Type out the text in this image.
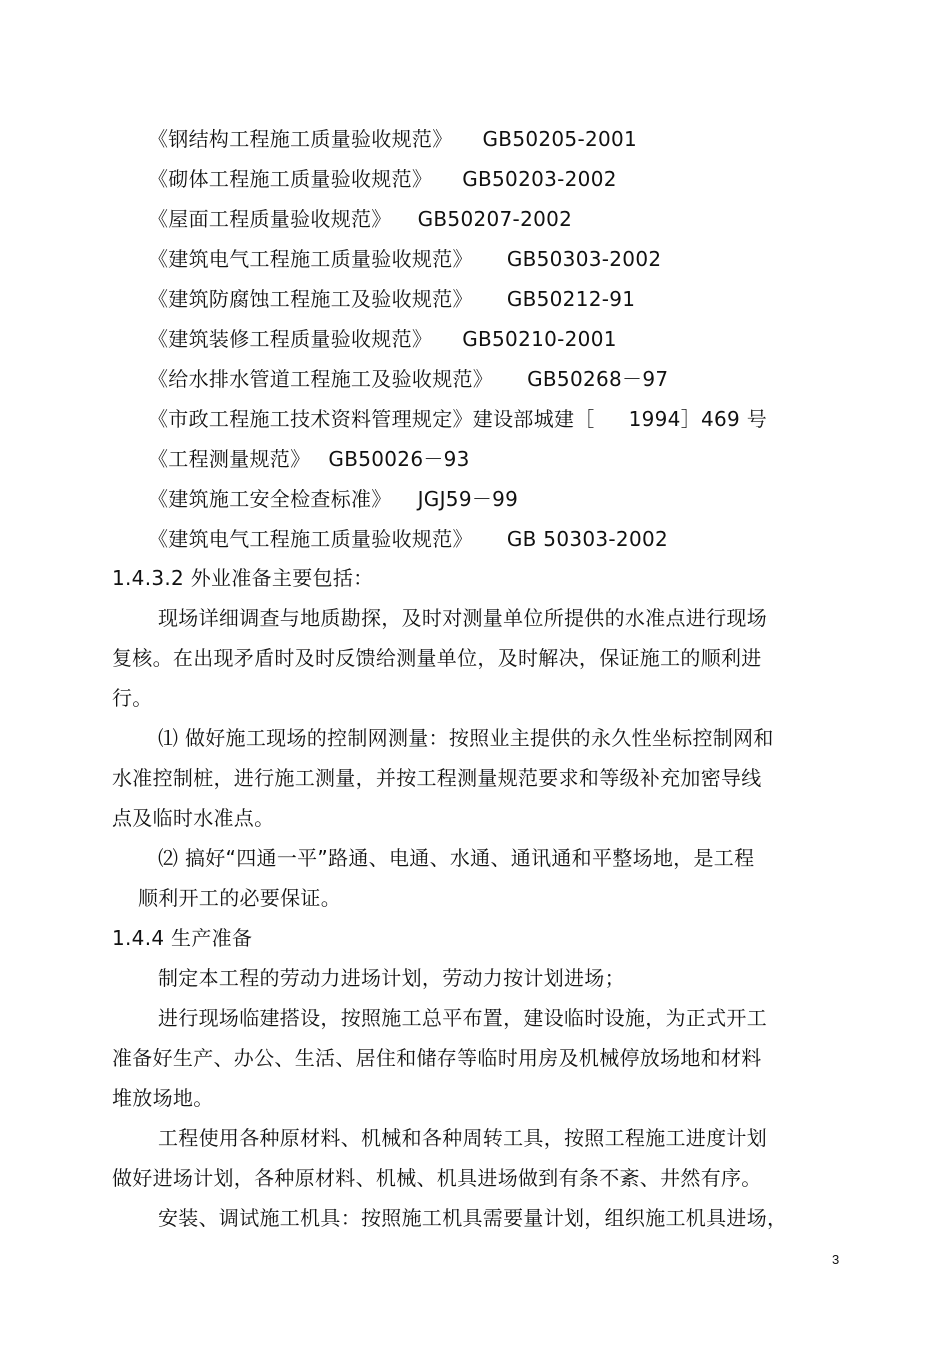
《钢结构工程施工质量验收规范》 GB50205-2001
《砌体工程施工质量验收规范》 GB50203-2002
《屋面工程质量验收规范》 GB50207-2002
《建筑电气工程施工质量验收规范》 GB50303-2002
《建筑防腐蚀工程施工及验收规范》 GB50212-91
《建筑装修工程质量验收规范》 GB50210-2001
《给水排水管道工程施工及验收规范》 GB50268－97
《市政工程施工技术资料管理规定》建设部城建［ 1994］469 号
《工程测量规范》 GB50026－93
《建筑施工安全检查标准》 JGJ59－99
《建筑电气工程施工质量验收规范》 GB 50303-2002
1.4.3.2 外业准备主要包括：
现场详细调查与地质勘探，及时对测量单位所提供的水准点进行现场
复核。在出现矛盾时及时反馈给测量单位，及时解决，保证施工的顺利进
行。
⑴ 做好施工现场的控制网测量：按照业主提供的永久性坐标控制网和
水准控制桩，进行施工测量，并按工程测量规范要求和等级补充加密导线
点及临时水准点。
⑵ 搞好“四通一平”路通、电通、水通、通讯通和平整场地，是工程
顺利开工的必要保证。
1.4.4 生产准备
制定本工程的劳动力进场计划，劳动力按计划进场；
进行现场临建搭设，按照施工总平布置，建设临时设施，为正式开工
准备好生产、办公、生活、居住和储存等临时用房及机械停放场地和材料
堆放场地。
工程使用各种原材料、机械和各种周转工具，按照工程施工进度计划
做好进场计划，各种原材料、机械、机具进场做到有条不紊、井然有序。
安装、调试施工机具：按照施工机具需要量计划，组织施工机具进场，
3
